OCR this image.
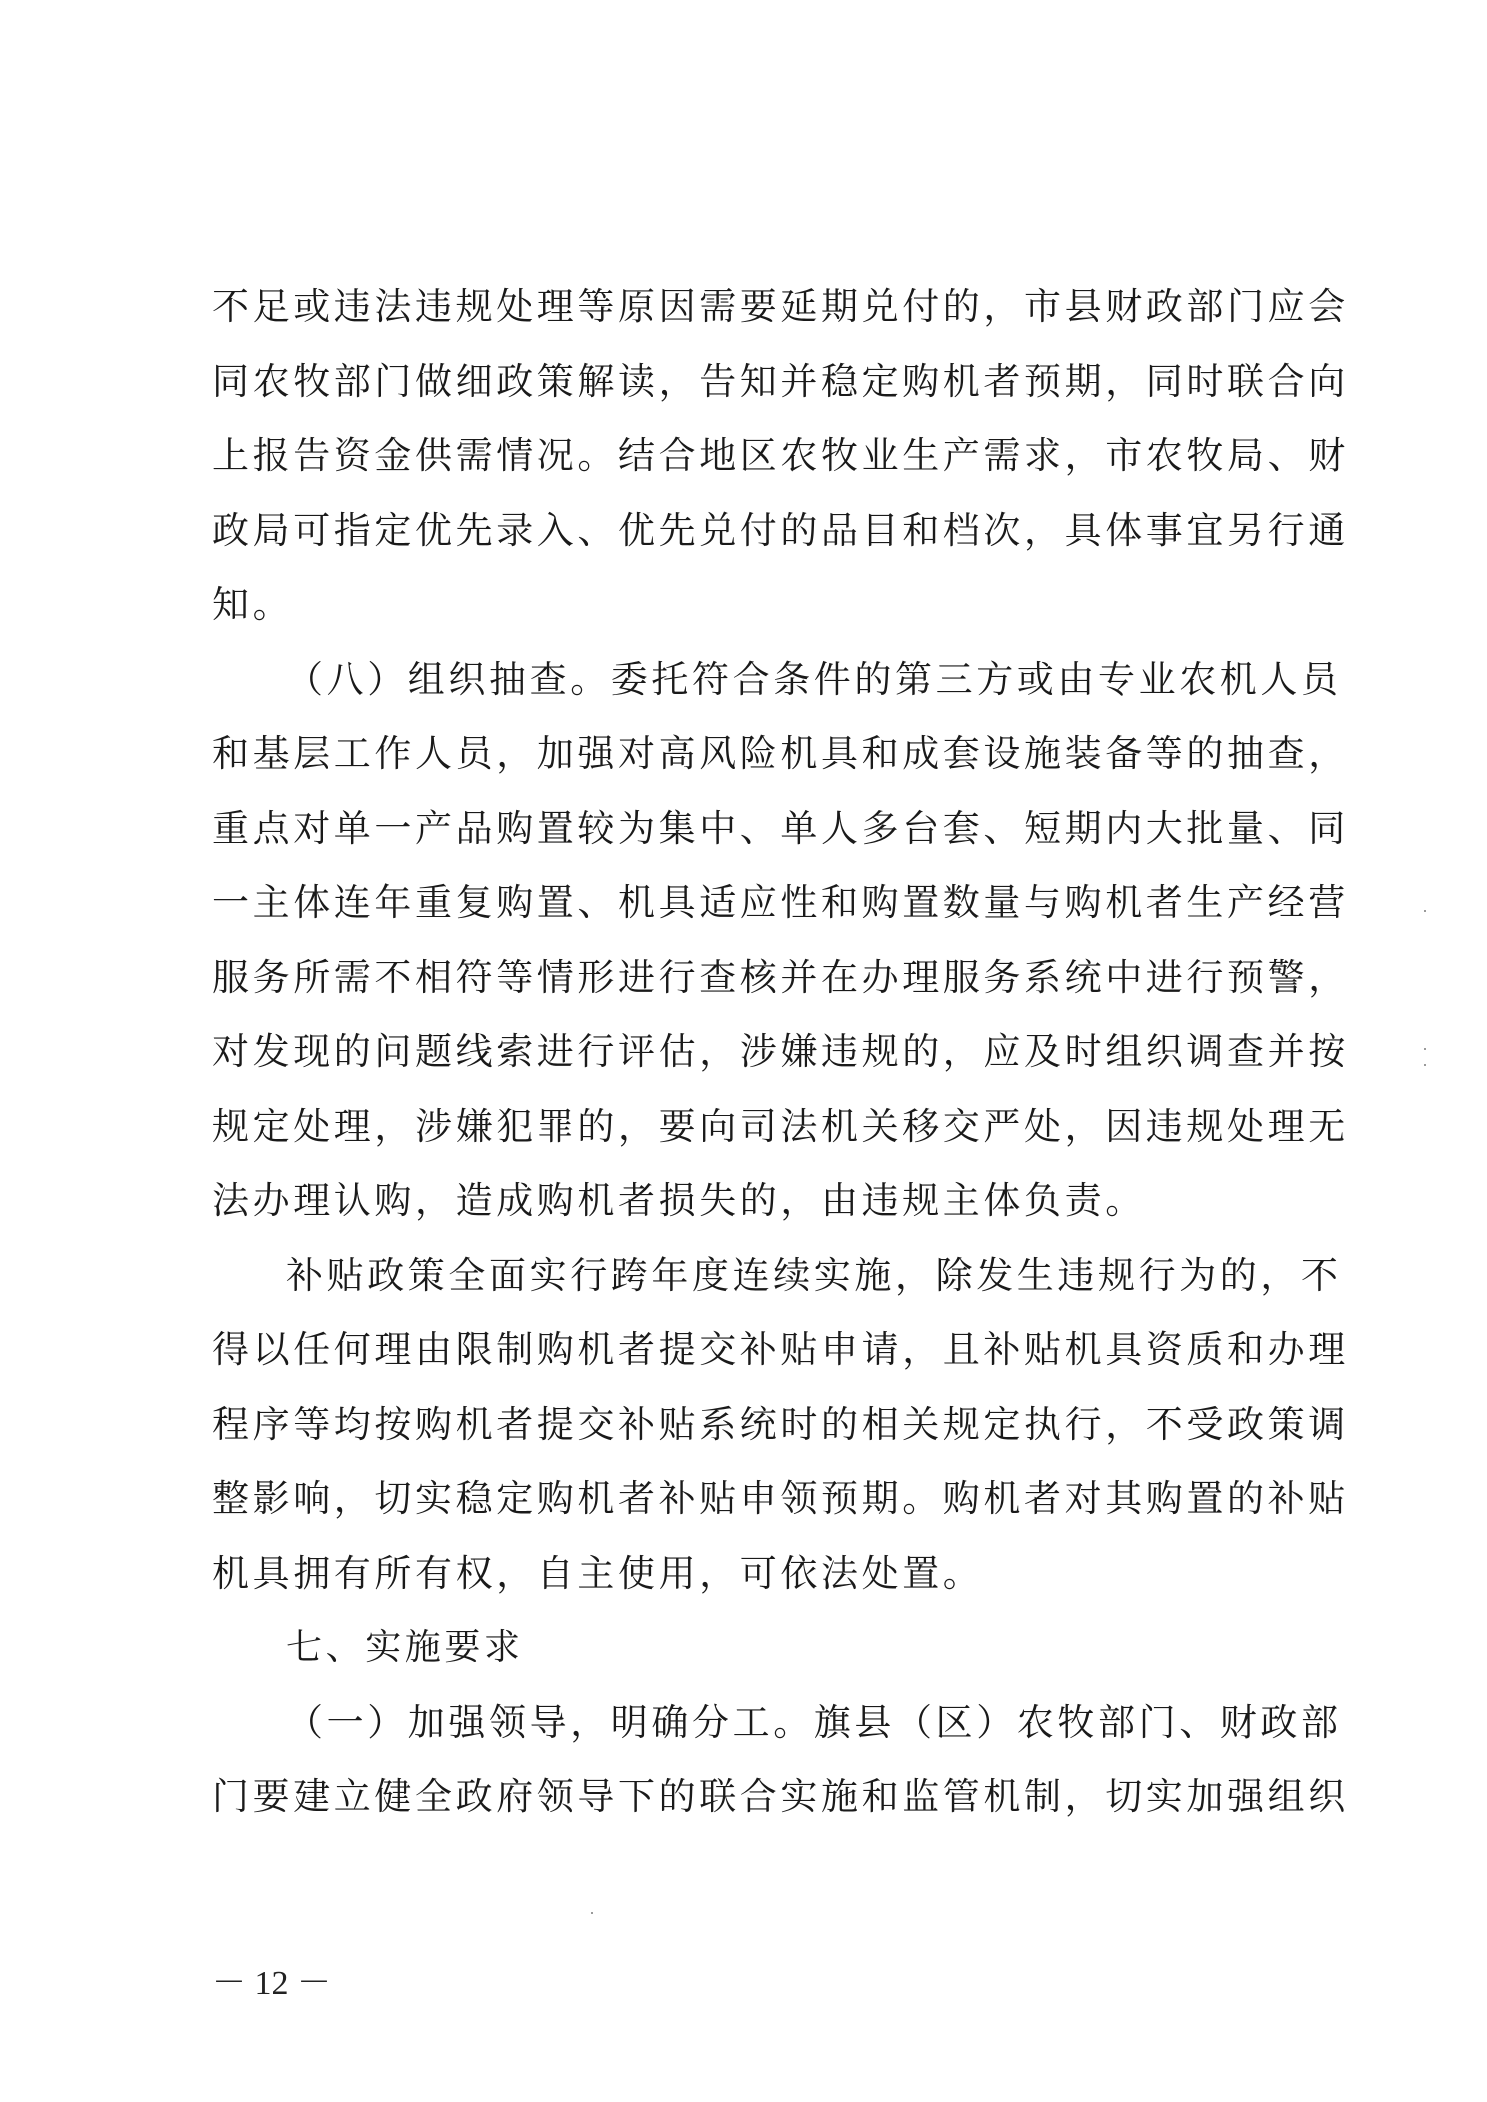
不足或违法违规处理等原因需要延期兑付的，市县财政部门应会
同农牧部门做细政策解读，告知并稳定购机者预期，同时联合向
上报告资金供需情况。结合地区农牧业生产需求，市农牧局、财
政局可指定优先录入、优先兑付的品目和档次，具体事宜另行通
知。
（八）组织抽查。委托符合条件的第三方或由专业农机人员
和基层工作人员，加强对高风险机具和成套设施装备等的抽查，
重点对单一产品购置较为集中、单人多台套、短期内大批量、同
一主体连年重复购置、机具适应性和购置数量与购机者生产经营
服务所需不相符等情形进行查核并在办理服务系统中进行预警，
对发现的问题线索进行评估，涉嫌违规的，应及时组织调查并按
规定处理，涉嫌犯罪的，要向司法机关移交严处，因违规处理无
法办理认购，造成购机者损失的，由违规主体负责。
补贴政策全面实行跨年度连续实施，除发生违规行为的，不
得以任何理由限制购机者提交补贴申请，且补贴机具资质和办理
程序等均按购机者提交补贴系统时的相关规定执行，不受政策调
整影响，切实稳定购机者补贴申领预期。购机者对其购置的补贴
机具拥有所有权，自主使用，可依法处置。
七、实施要求
（一）加强领导，明确分工。旗县（区）农牧部门、财政部
门要建立健全政府领导下的联合实施和监管机制，切实加强组织
－ 12 －
